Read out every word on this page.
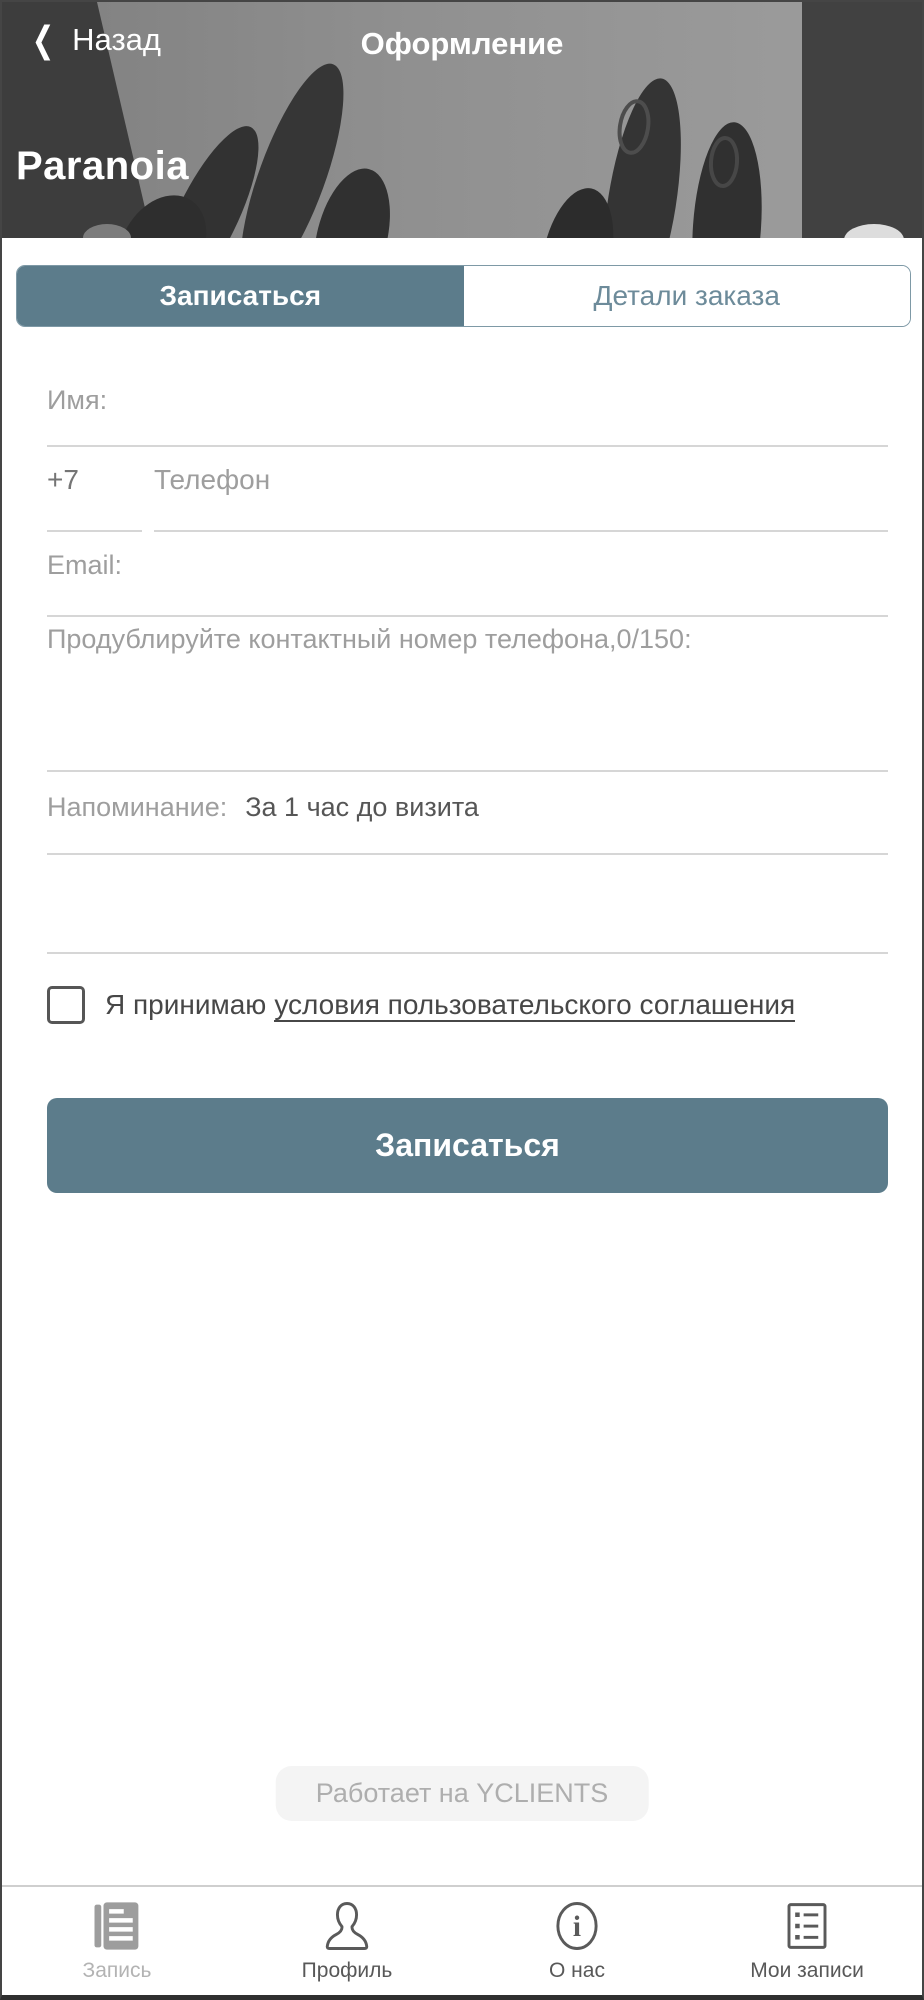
❮ Назад	Оформление
Paranoia
Записаться	Детали заказа
Имя:
+7	Телефон
Email:
Продублируйте контактный номер телефона,0/150:
Напоминание: За 1 час до визита
Я принимаю условия пользовательского соглашения
Записаться
Работает на YCLIENTS
Запись	Профиль
i
О нас	Мои записи
